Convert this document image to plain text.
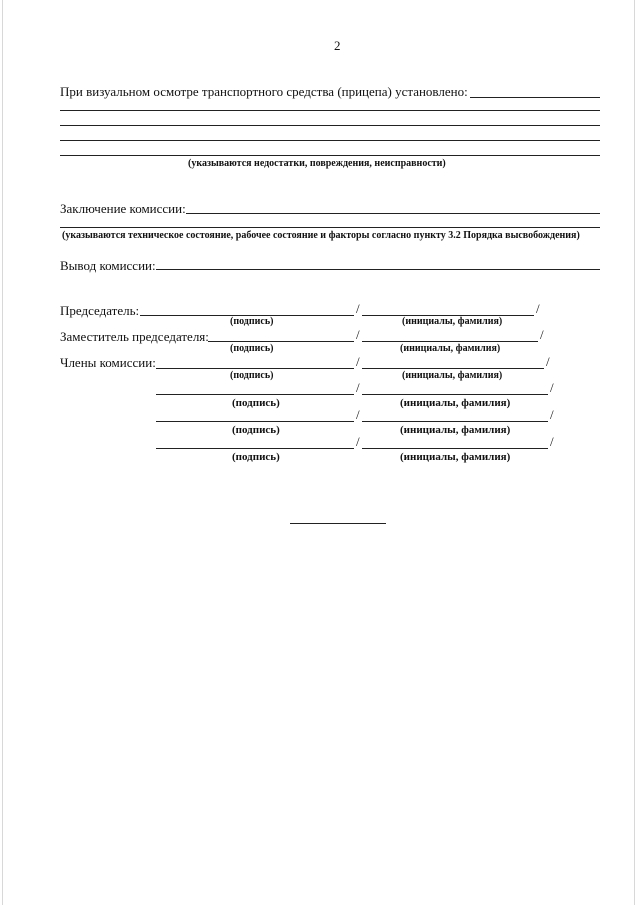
2
При визуальном осмотре транспортного средства (прицепа) установлено:
(указываются недостатки, повреждения, неисправности)
Заключение комиссии:
(указываются техническое состояние, рабочее состояние и факторы согласно пункту 3.2 Порядка высвобождения)
Вывод комиссии:
Председатель:	/	/
(подпись)	(инициалы, фамилия)
Заместитель председателя:	/	/
(подпись)	(инициалы, фамилия)
Члены комиссии:	/	/
(подпись)	(инициалы, фамилия)
/	/
(подпись)	(инициалы, фамилия)
/	/
(подпись)	(инициалы, фамилия)
/	/
(подпись)	(инициалы, фамилия)
